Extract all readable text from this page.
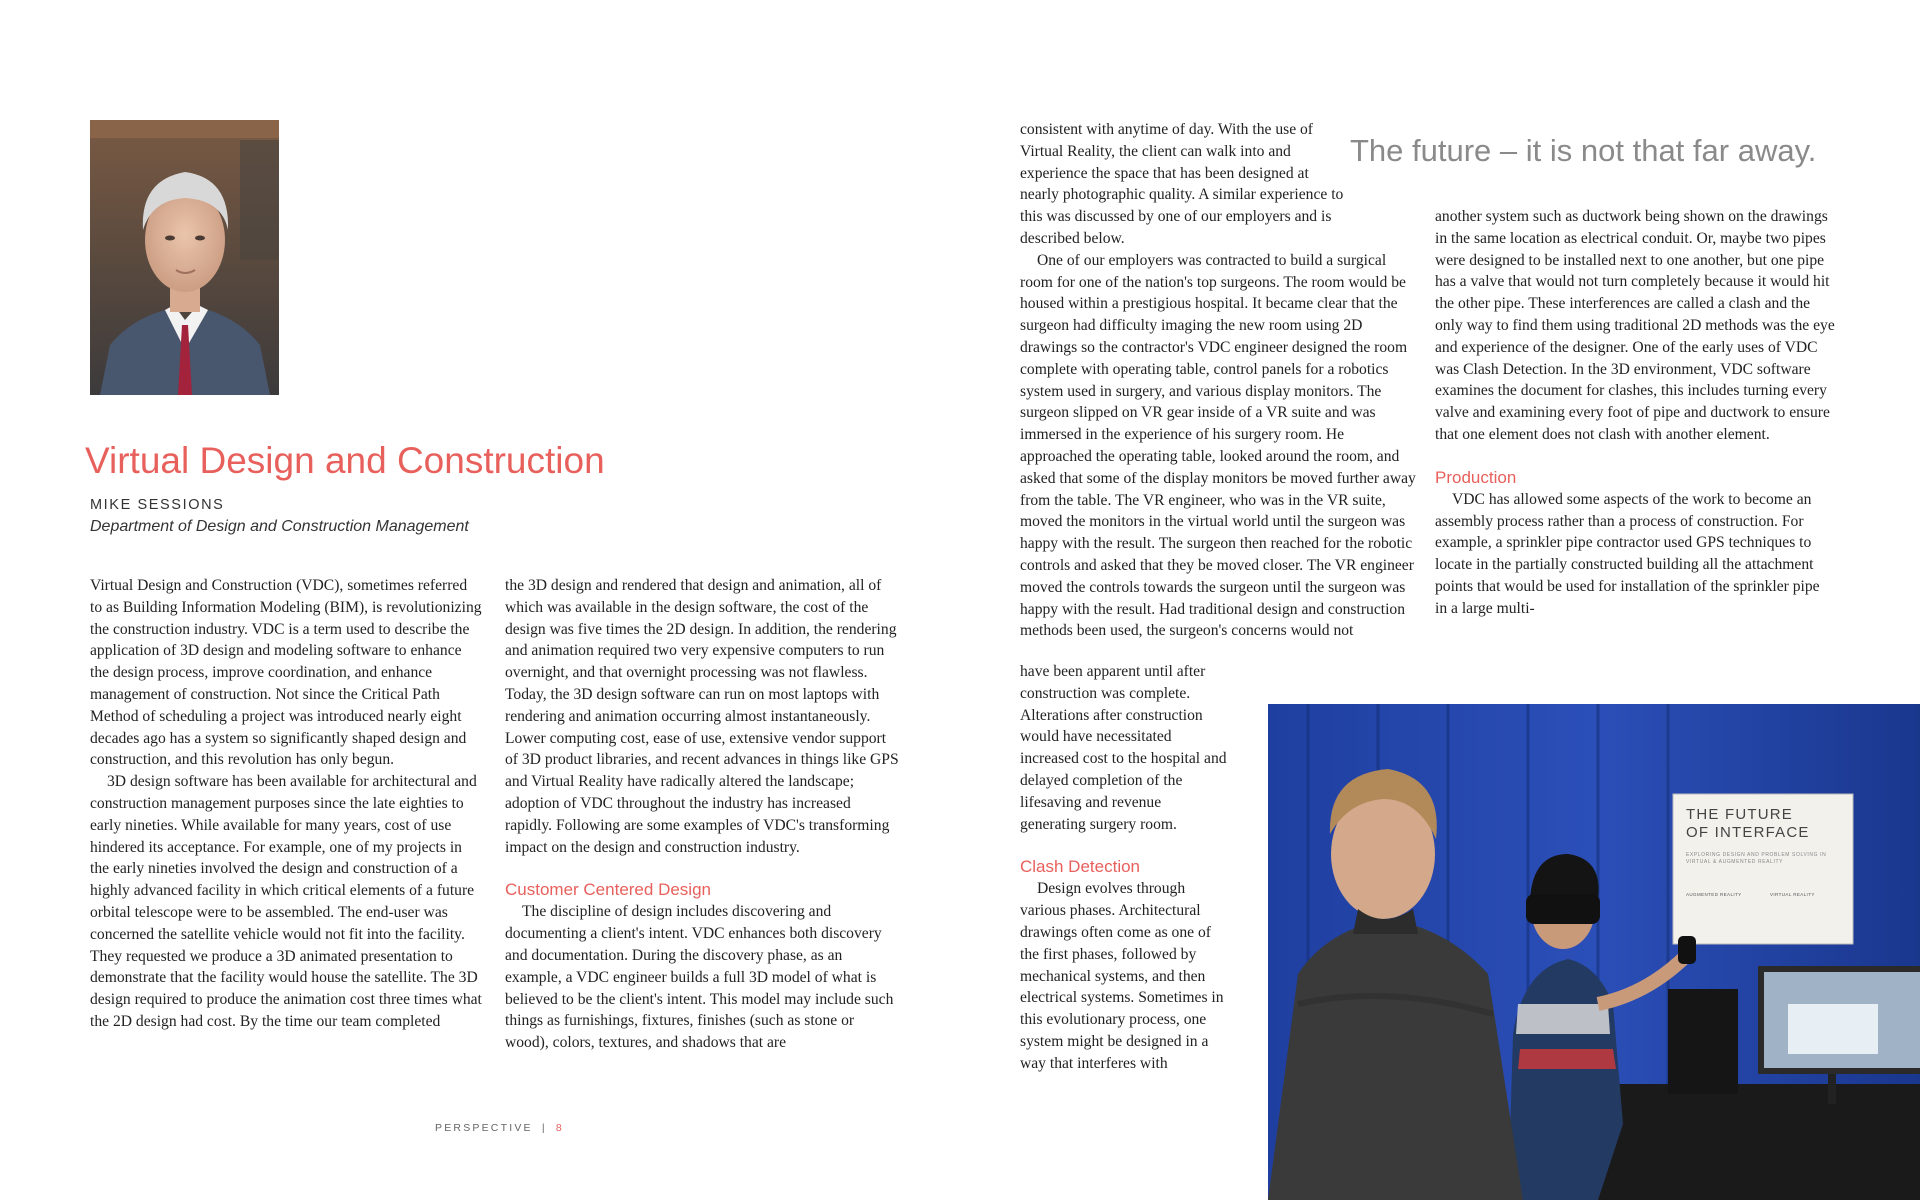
Virtual Design and Construction
MIKE SESSIONS
Department of Design and Construction Management

Virtual Design and Construction (VDC), sometimes referred to as Building Information Modeling (BIM), is revolutionizing the construction industry. VDC is a term used to describe the application of 3D design and modeling software to enhance the design process, improve coordination, and enhance management of construction. Not since the Critical Path Method of scheduling a project was introduced nearly eight decades ago has a system so significantly shaped design and construction, and this revolution has only begun.

3D design software has been available for architectural and construction management purposes since the late eighties to early nineties. While available for many years, cost of use hindered its acceptance. For example, one of my projects in the early nineties involved the design and construction of a highly advanced facility in which critical elements of a future orbital telescope were to be assembled. The end-user was concerned the satellite vehicle would not fit into the facility. They requested we produce a 3D animated presentation to demonstrate that the facility would house the satellite. The 3D design required to produce the animation cost three times what the 2D design had cost. By the time our team completed

the 3D design and rendered that design and animation, all of which was available in the design software, the cost of the design was five times the 2D design. In addition, the rendering and animation required two very expensive computers to run overnight, and that overnight processing was not flawless. Today, the 3D design software can run on most laptops with rendering and animation occurring almost instantaneously. Lower computing cost, ease of use, extensive vendor support of 3D product libraries, and recent advances in things like GPS and Virtual Reality have radically altered the landscape; adoption of VDC throughout the industry has increased rapidly. Following are some examples of VDC's transforming impact on the design and construction industry.

Customer Centered Design

The discipline of design includes discovering and documenting a client's intent. VDC enhances both discovery and documentation. During the discovery phase, as an example, a VDC engineer builds a full 3D model of what is believed to be the client's intent. This model may include such things as furnishings, fixtures, finishes (such as stone or wood), colors, textures, and shadows that are

PERSPECTIVE | 8
The future – it is not that far away.

consistent with anytime of day. With the use of Virtual Reality, the client can walk into and experience the space that has been designed at nearly photographic quality. A similar experience to this was discussed by one of our employers and is described below.

One of our employers was contracted to build a surgical room for one of the nation's top surgeons. The room would be housed within a prestigious hospital. It became clear that the surgeon had difficulty imaging the new room using 2D drawings so the contractor's VDC engineer designed the room complete with operating table, control panels for a robotics system used in surgery, and various display monitors. The surgeon slipped on VR gear inside of a VR suite and was immersed in the experience of his surgery room. He approached the operating table, looked around the room, and asked that some of the display monitors be moved further away from the table. The VR engineer, who was in the VR suite, moved the monitors in the virtual world until the surgeon was happy with the result. The surgeon then reached for the robotic controls and asked that they be moved closer. The VR engineer moved the controls towards the surgeon until the surgeon was happy with the result. Had traditional design and construction methods been used, the surgeon's concerns would not

have been apparent until after construction was complete. Alterations after construction would have necessitated increased cost to the hospital and delayed completion of the lifesaving and revenue generating surgery room.

Clash Detection

Design evolves through various phases. Architectural drawings often come as one of the first phases, followed by mechanical systems, and then electrical systems. Sometimes in this evolutionary process, one system might be designed in a way that interferes with

another system such as ductwork being shown on the drawings in the same location as electrical conduit. Or, maybe two pipes were designed to be installed next to one another, but one pipe has a valve that would not turn completely because it would hit the other pipe. These interferences are called a clash and the only way to find them using traditional 2D methods was the eye and experience of the designer. One of the early uses of VDC was Clash Detection. In the 3D environment, VDC software examines the document for clashes, this includes turning every valve and examining every foot of pipe and ductwork to ensure that one element does not clash with another element.

Production

VDC has allowed some aspects of the work to become an assembly process rather than a process of construction. For example, a sprinkler pipe contractor used GPS techniques to locate in the partially constructed building all the attachment points that would be used for installation of the sprinkler pipe in a large multi-

THE FUTURE
OF INTERFACE
EXPLORING DESIGN AND PROBLEM SOLVING IN VIRTUAL & AUGMENTED REALITY
AUGMENTED REALITY	VIRTUAL REALITY
